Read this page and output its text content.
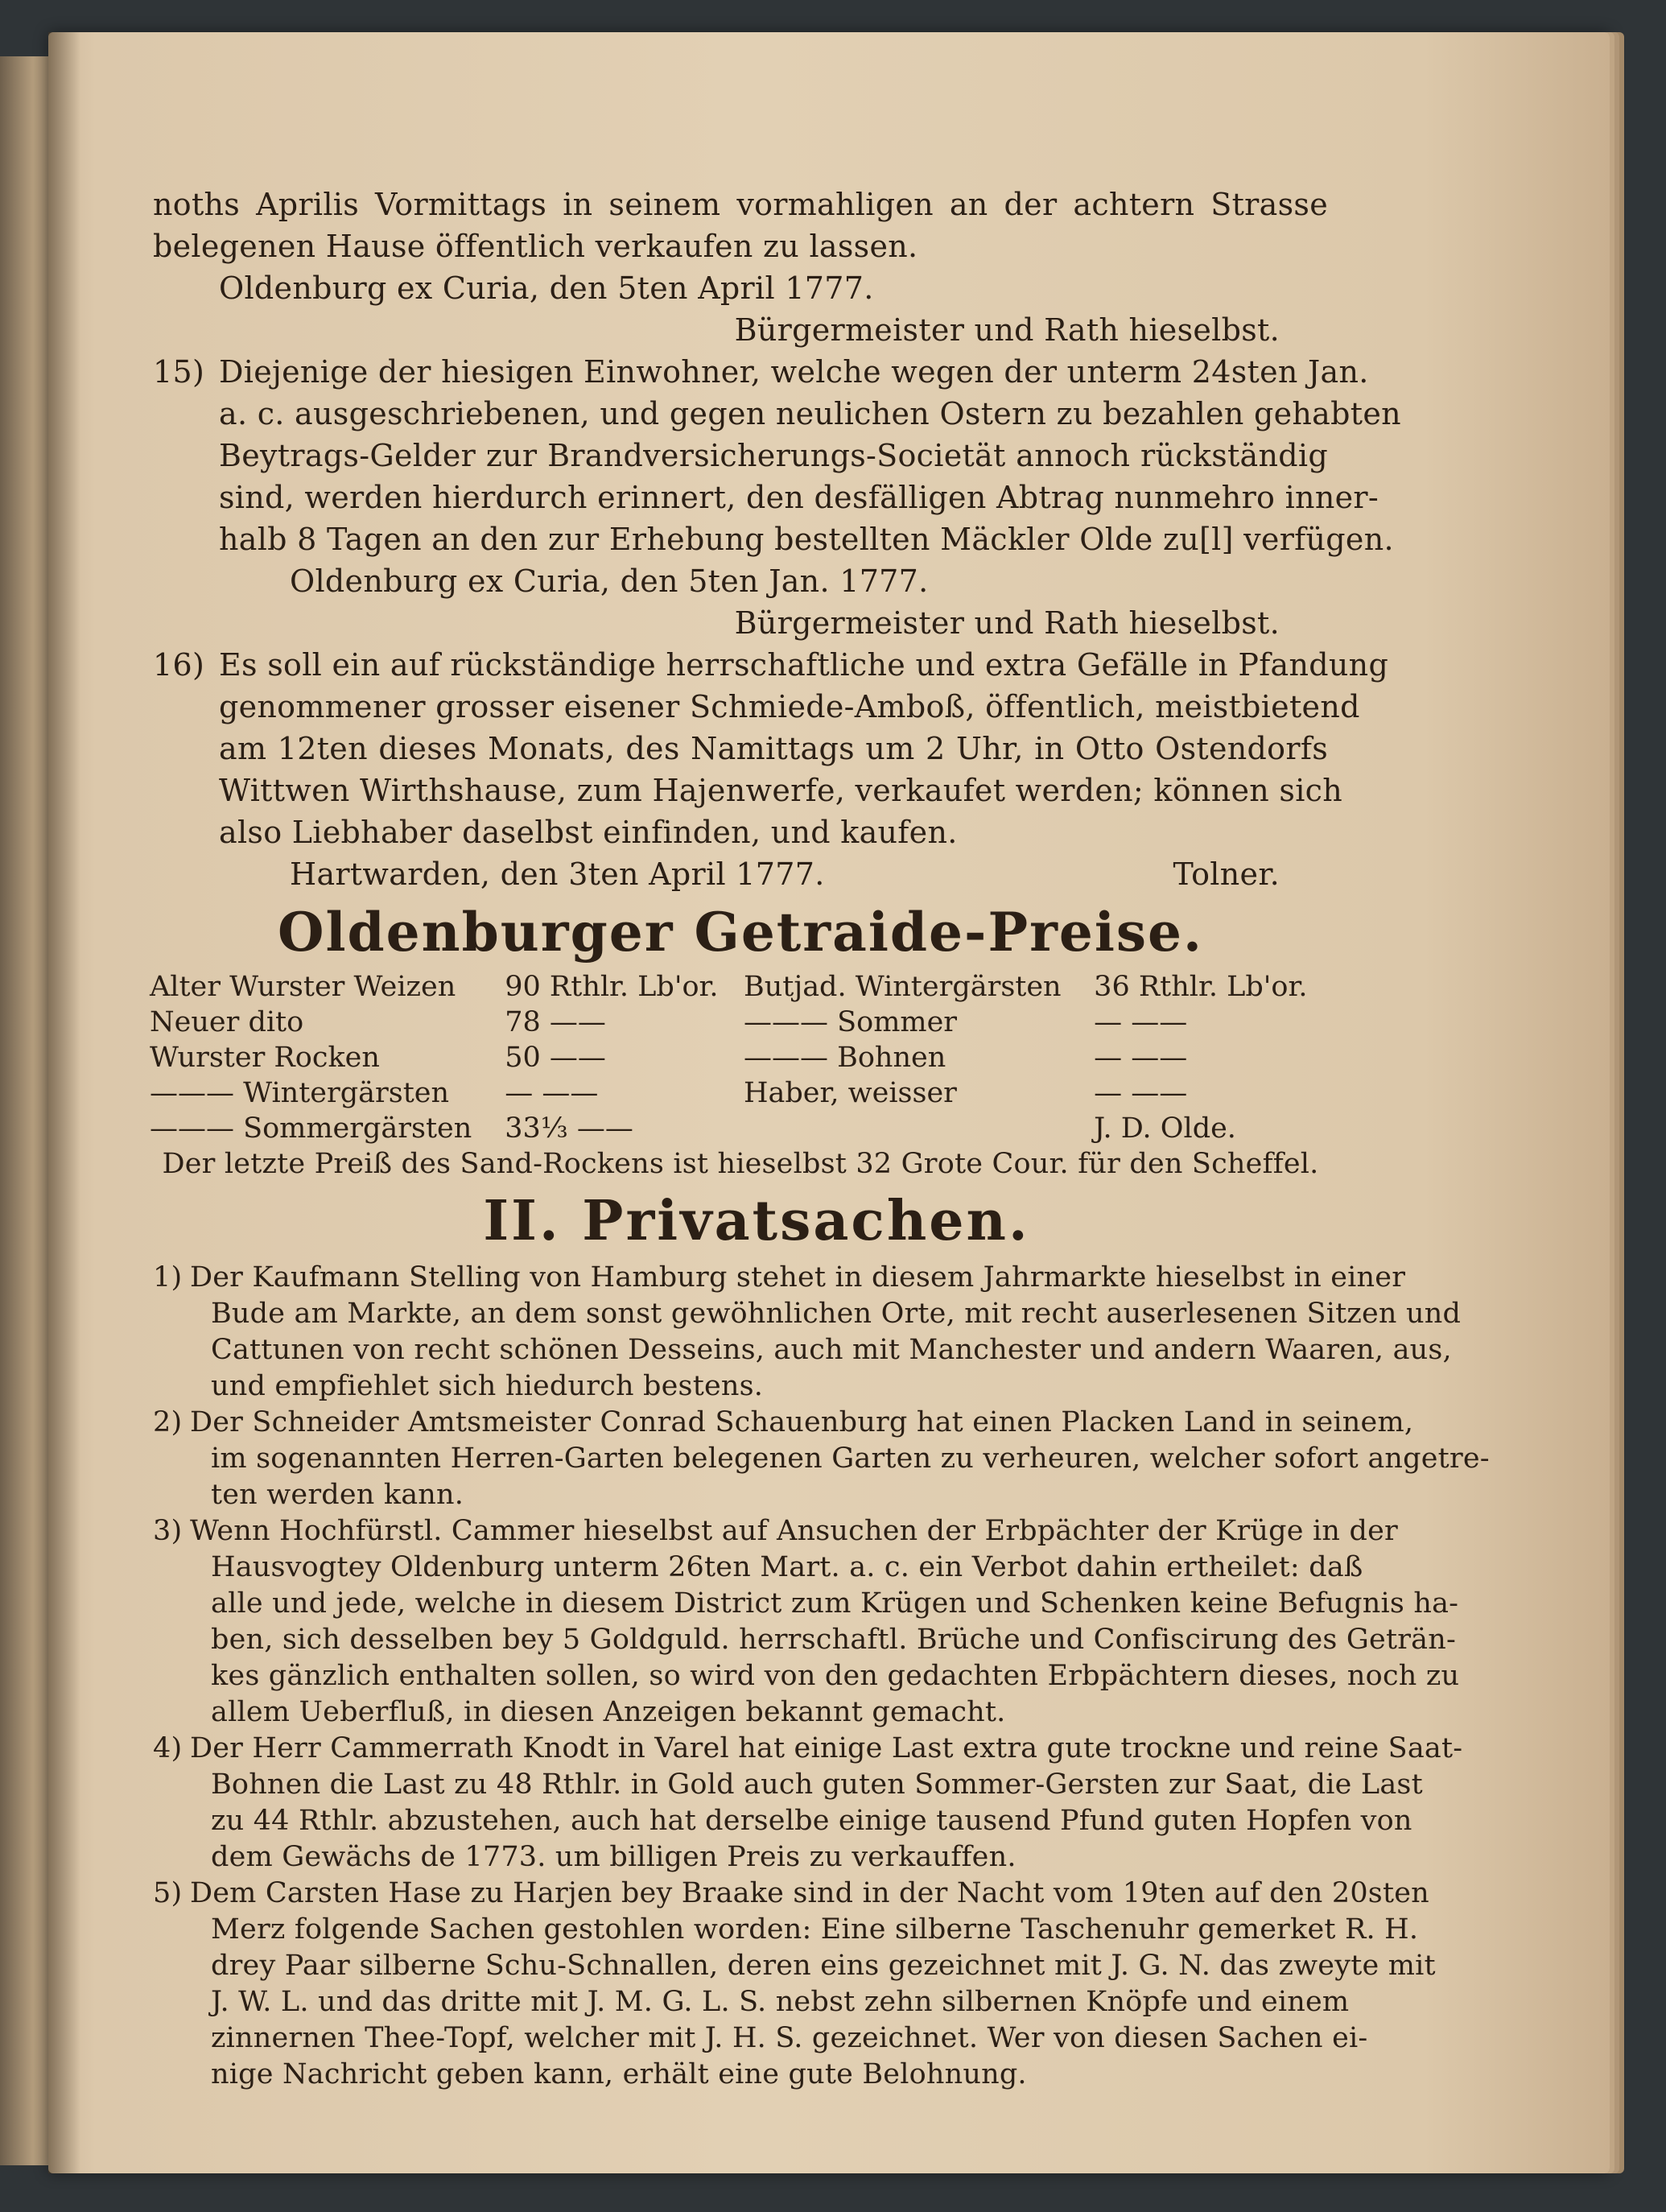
noths Aprilis Vormittags in seinem vormahligen an der achtern Strasse
belegenen Hause öffentlich verkaufen zu lassen.
Oldenburg ex Curia, den 5ten April 1777.
Bürgermeister und Rath hieselbst.
15) Diejenige der hiesigen Einwohner, welche wegen der unterm 24sten Jan.
a. c. ausgeschriebenen, und gegen neulichen Ostern zu bezahlen gehabten
Beytrags-Gelder zur Brandversicherungs-Societät annoch rückständig
sind, werden hierdurch erinnert, den desfälligen Abtrag nunmehro inner-
halb 8 Tagen an den zur Erhebung bestellten Mäckler Olde zu[l] verfügen.
Oldenburg ex Curia, den 5ten Jan. 1777.
Bürgermeister und Rath hieselbst.
16) Es soll ein auf rückständige herrschaftliche und extra Gefälle in Pfandung
genommener grosser eisener Schmiede-Amboß, öffentlich, meistbietend
am 12ten dieses Monats, des Namittags um 2 Uhr, in Otto Ostendorfs
Wittwen Wirthshause, zum Hajenwerfe, verkaufet werden; können sich
also Liebhaber daselbst einfinden, und kaufen.
Hartwarden, den 3ten April 1777.	Tolner.
Oldenburger Getraide-Preise.
Alter Wurster Weizen	90 Rthlr. Lb'or.	Butjad. Wintergärsten	36 Rthlr. Lb'or.
Neuer dito	78 ——	——— Sommer	— ——
Wurster Rocken	50 ——	——— Bohnen	— ——
——— Wintergärsten	— ——	Haber, weisser	— ——
——— Sommergärsten	33⅓ ——		J. D. Olde.
Der letzte Preiß des Sand-Rockens ist hieselbst 32 Grote Cour. für den Scheffel.
II. Privatsachen.
1) Der Kaufmann Stelling von Hamburg stehet in diesem Jahrmarkte hieselbst in einer
Bude am Markte, an dem sonst gewöhnlichen Orte, mit recht auserlesenen Sitzen und
Cattunen von recht schönen Desseins, auch mit Manchester und andern Waaren, aus,
und empfiehlet sich hiedurch bestens.
2) Der Schneider Amtsmeister Conrad Schauenburg hat einen Placken Land in seinem,
im sogenannten Herren-Garten belegenen Garten zu verheuren, welcher sofort angetre-
ten werden kann.
3) Wenn Hochfürstl. Cammer hieselbst auf Ansuchen der Erbpächter der Krüge in der
Hausvogtey Oldenburg unterm 26ten Mart. a. c. ein Verbot dahin ertheilet: daß
alle und jede, welche in diesem District zum Krügen und Schenken keine Befugnis ha-
ben, sich desselben bey 5 Goldguld. herrschaftl. Brüche und Confiscirung des Geträn-
kes gänzlich enthalten sollen, so wird von den gedachten Erbpächtern dieses, noch zu
allem Ueberfluß, in diesen Anzeigen bekannt gemacht.
4) Der Herr Cammerrath Knodt in Varel hat einige Last extra gute trockne und reine Saat-
Bohnen die Last zu 48 Rthlr. in Gold auch guten Sommer-Gersten zur Saat, die Last
zu 44 Rthlr. abzustehen, auch hat derselbe einige tausend Pfund guten Hopfen von
dem Gewächs de 1773. um billigen Preis zu verkauffen.
5) Dem Carsten Hase zu Harjen bey Braake sind in der Nacht vom 19ten auf den 20sten
Merz folgende Sachen gestohlen worden: Eine silberne Taschenuhr gemerket R. H.
drey Paar silberne Schu-Schnallen, deren eins gezeichnet mit J. G. N. das zweyte mit
J. W. L. und das dritte mit J. M. G. L. S. nebst zehn silbernen Knöpfe und einem
zinnernen Thee-Topf, welcher mit J. H. S. gezeichnet. Wer von diesen Sachen ei-
nige Nachricht geben kann, erhält eine gute Belohnung.
